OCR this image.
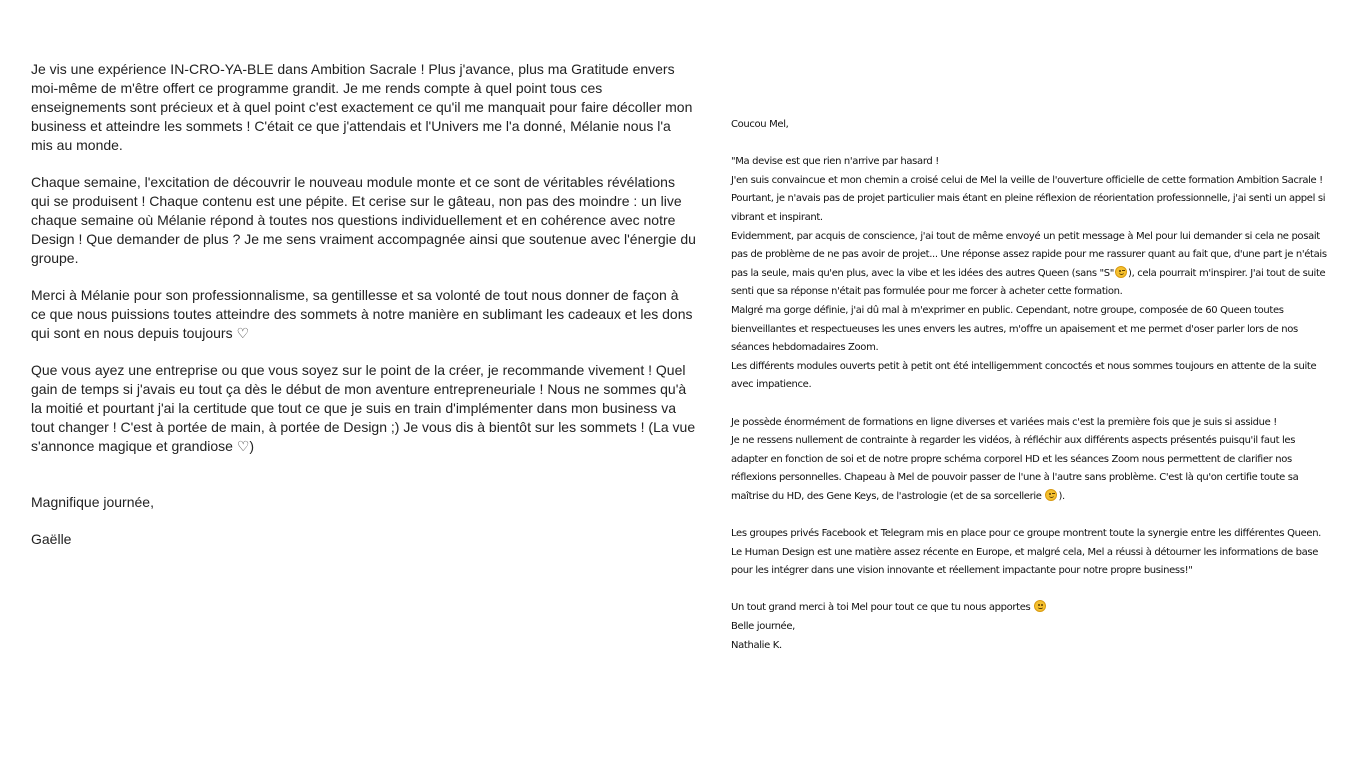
Je vis une expérience IN-CRO-YA-BLE dans Ambition Sacrale ! Plus j'avance, plus ma Gratitude envers moi-même de m'être offert ce programme grandit. Je me rends compte à quel point tous ces enseignements sont précieux et à quel point c'est exactement ce qu'il me manquait pour faire décoller mon business et atteindre les sommets ! C'était ce que j'attendais et l'Univers me l'a donné, Mélanie nous l'a mis au monde.

Chaque semaine, l'excitation de découvrir le nouveau module monte et ce sont de véritables révélations qui se produisent ! Chaque contenu est une pépite. Et cerise sur le gâteau, non pas des moindre : un live chaque semaine où Mélanie répond à toutes nos questions individuellement et en cohérence avec notre Design ! Que demander de plus ? Je me sens vraiment accompagnée ainsi que soutenue avec l'énergie du groupe.

Merci à Mélanie pour son professionnalisme, sa gentillesse et sa volonté de tout nous donner de façon à ce que nous puissions toutes atteindre des sommets à notre manière en sublimant les cadeaux et les dons qui sont en nous depuis toujours ♡

Que vous ayez une entreprise ou que vous soyez sur le point de la créer, je recommande vivement ! Quel gain de temps si j'avais eu tout ça dès le début de mon aventure entrepreneuriale ! Nous ne sommes qu'à la moitié et pourtant j'ai la certitude que tout ce que je suis en train d'implémenter dans mon business va tout changer ! C'est à portée de main, à portée de Design ;) Je vous dis à bientôt sur les sommets ! (La vue s'annonce magique et grandiose ♡)

Magnifique journée,

Gaëlle

Coucou Mel,

"Ma devise est que rien n'arrive par hasard !
J'en suis convaincue et mon chemin a croisé celui de Mel la veille de l'ouverture officielle de cette formation Ambition Sacrale !
Pourtant, je n'avais pas de projet particulier mais étant en pleine réflexion de réorientation professionnelle, j'ai senti un appel si vibrant et inspirant.
Evidemment, par acquis de conscience, j'ai tout de même envoyé un petit message à Mel pour lui demander si cela ne posait pas de problème de ne pas avoir de projet... Une réponse assez rapide pour me rassurer quant au fait que, d'une part je n'étais pas la seule, mais qu'en plus, avec la vibe et les idées des autres Queen (sans "S" ), cela pourrait m'inspirer. J'ai tout de suite senti que sa réponse n'était pas formulée pour me forcer à acheter cette formation.
Malgré ma gorge définie, j'ai dû mal à m'exprimer en public. Cependant, notre groupe, composée de 60 Queen toutes bienveillantes et respectueuses les unes envers les autres, m'offre un apaisement et me permet d'oser parler lors de nos séances hebdomadaires Zoom.
Les différents modules ouverts petit à petit ont été intelligemment concoctés et nous sommes toujours en attente de la suite avec impatience.

Je possède énormément de formations en ligne diverses et variées mais c'est la première fois que je suis si assidue !
Je ne ressens nullement de contrainte à regarder les vidéos, à réfléchir aux différents aspects présentés puisqu'il faut les adapter en fonction de soi et de notre propre schéma corporel HD et les séances Zoom nous permettent de clarifier nos réflexions personnelles. Chapeau à Mel de pouvoir passer de l'une à l'autre sans problème. C'est là qu'on certifie toute sa maîtrise du HD, des Gene Keys, de l'astrologie (et de sa sorcellerie ).

Les groupes privés Facebook et Telegram mis en place pour ce groupe montrent toute la synergie entre les différentes Queen.
Le Human Design est une matière assez récente en Europe, et malgré cela, Mel a réussi à détourner les informations de base pour les intégrer dans une vision innovante et réellement impactante pour notre propre business!"

Un tout grand merci à toi Mel pour tout ce que tu nous apportes
Belle journée,
Nathalie K.
